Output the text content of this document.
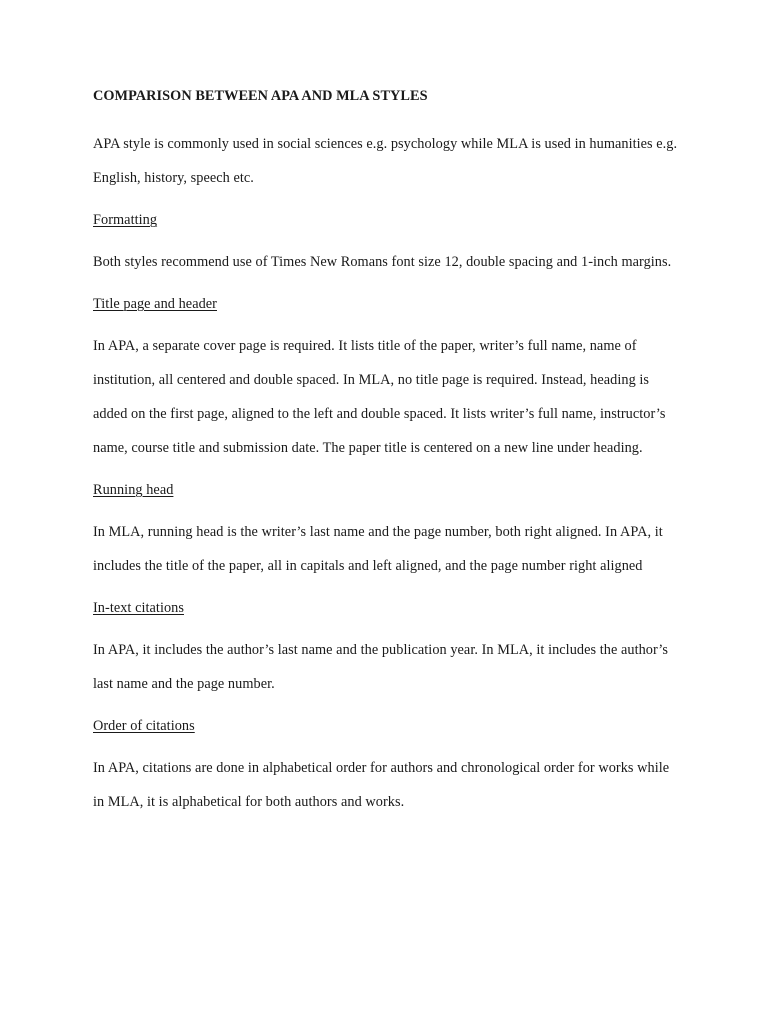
COMPARISON BETWEEN APA AND MLA STYLES

APA style is commonly used in social sciences e.g. psychology while MLA is used in humanities e.g. English, history, speech etc.

Formatting

Both styles recommend use of Times New Romans font size 12, double spacing and 1-inch margins.

Title page and header

In APA, a separate cover page is required. It lists title of the paper, writer’s full name, name of institution, all centered and double spaced. In MLA, no title page is required. Instead, heading is added on the first page, aligned to the left and double spaced. It lists writer’s full name, instructor’s name, course title and submission date. The paper title is centered on a new line under heading.

Running head

In MLA, running head is the writer’s last name and the page number, both right aligned. In APA, it includes the title of the paper, all in capitals and left aligned, and the page number right aligned

In-text citations

In APA, it includes the author’s last name and the publication year. In MLA, it includes the author’s last name and the page number.

Order of citations

In APA, citations are done in alphabetical order for authors and chronological order for works while in MLA, it is alphabetical for both authors and works.
